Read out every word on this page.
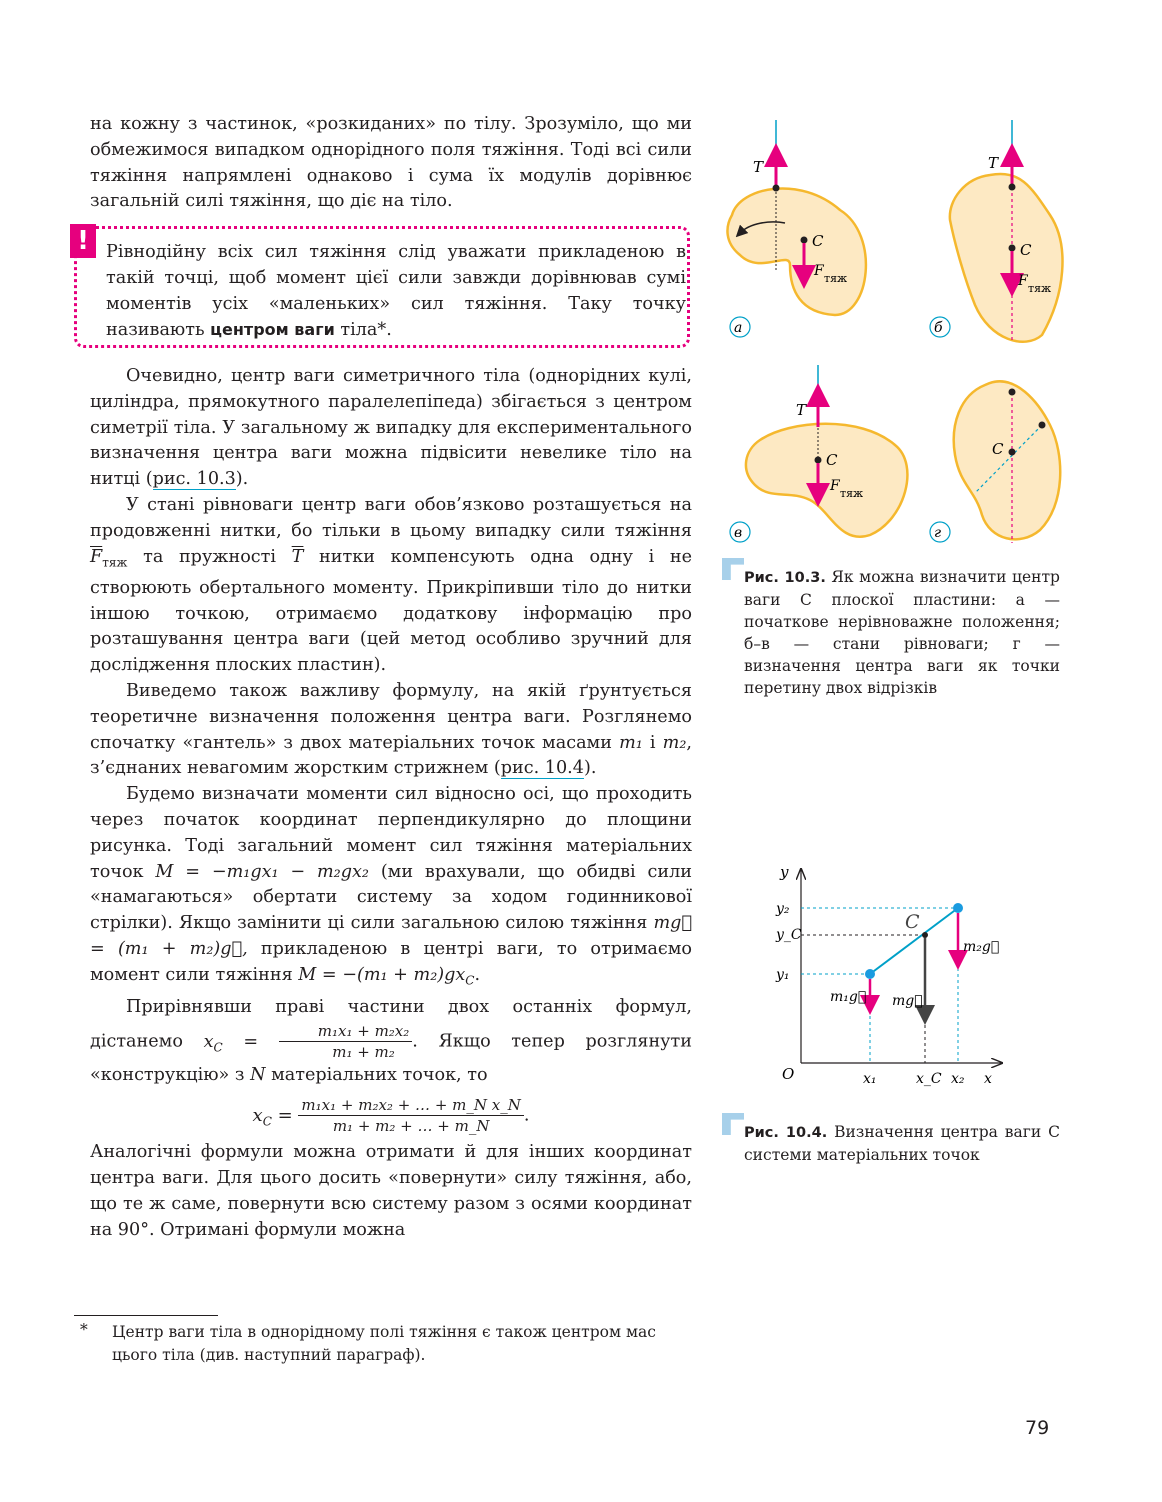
на кожну з частинок, «розкиданих» по тілу. Зрозуміло, що ми обмежимося випадком однорідного поля тяжіння. Тоді всі сили тяжіння напрямлені однаково і сума їх модулів дорівнює загальній силі тяжіння, що діє на тіло.

! Рівнодійну всіх сил тяжіння слід уважати прикладеною в такій точці, щоб момент цієї сили завжди дорівнював сумі моментів усіх «маленьких» сил тяжіння. Таку точку називають центром ваги тіла*.

Очевидно, центр ваги симетричного тіла (однорідних кулі, циліндра, прямокутного паралелепіпеда) збігається з центром симетрії тіла. У загальному ж випадку для експериментального визначення центра ваги можна підвісити невелике тіло на нитці (рис. 10.3).

У стані рівноваги центр ваги обов’язково розташується на продовженні нитки, бо тільки в цьому випадку сили тяжіння $\overline{F}_{тяж}$ та пружності $\overline{T}$ нитки компенсують одна одну і не створюють обертального моменту. Прикріпивши тіло до нитки іншою точкою, отримаємо додаткову інформацію про розташування центра ваги (цей метод особливо зручний для дослідження плоских пластин).

Виведемо також важливу формулу, на якій ґрунтується теоретичне визначення положення центра ваги. Розглянемо спочатку «гантель» з двох матеріальних точок масами m₁ і m₂, з’єднаних невагомим жорстким стрижнем (рис. 10.4).

Будемо визначати моменти сил відносно осі, що проходить через початок координат перпендикулярно до площини рисунка. Тоді загальний момент сил тяжіння матеріальних точок M = −m₁gx₁ − m₂gx₂ (ми врахували, що обидві сили «намагаються» обертати систему за ходом годинникової стрілки). Якщо замінити ці сили загальною силою тяжіння mg⃗ = (m₁ + m₂)g⃗, прикладеною в центрі ваги, то отримаємо момент сили тяжіння $M = -(m_1 + m_2)gx_C$.

Прирівнявши праві частини двох останніх формул, дістанемо $x_C = \frac{\text{m₁x₁ + m₂x₂}}{\text{m₁ + m₂}}$ . Якщо тепер розглянути «конструкцію» з N матеріальних точок, то

$x_C = \frac{\text{m₁x₁ + m₂x₂ + … + m\_N x\_N}}{\text{m₁ + m₂ + … + m\_N}}$ .

Аналогічні формули можна отримати й для інших координат центра ваги. Для цього досить «повернути» силу тяжіння, або, що те ж саме, повернути всю систему разом з осями координат на 90°. Отримані формули можна

* Центр ваги тіла в однорідному полі тяжіння є також центром мас цього тіла (див. наступний параграф).
C
T
F тяж
а
C
T
F тяж
б
C
T
F тяж
в
C
г
Рис. 10.3. Як можна визначити центр ваги C плоскої пластини: а — початкове нерівноважне положення; б–в — стани рівноваги; г — визначення центра ваги як точки перетину двох відрізків
y
y₂
y_C
y₁
C
O	x₁	x_C x₂ x
m₁g⃗
m₂g⃗
mg⃗
Рис. 10.4. Визначення центра ваги C системи матеріальних точок
79
